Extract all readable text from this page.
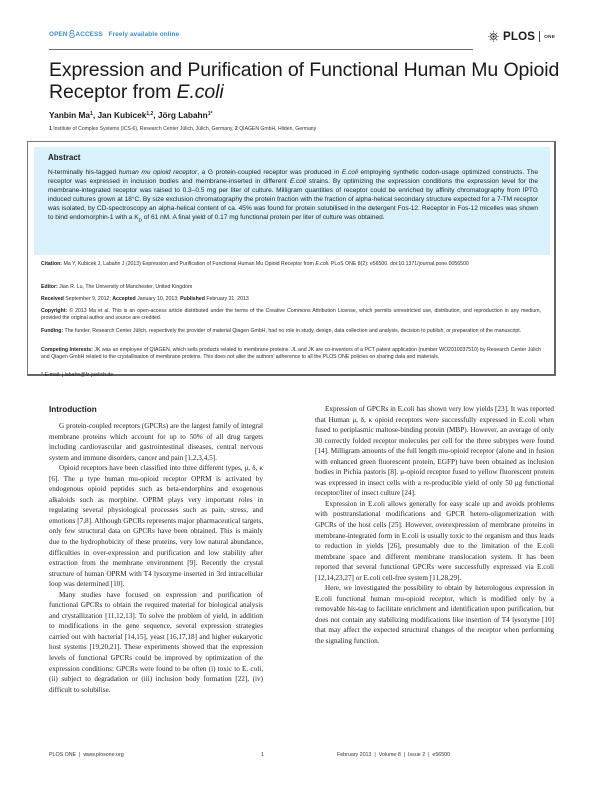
OPEN ACCESS Freely available online	PLOS ONE
Expression and Purification of Functional Human Mu Opioid Receptor from E.coli
Yanbin Ma$^1$, Jan Kubicek$^{1,2}$, Jörg Labahn$^{1*}$
1 Institute of Complex Systems (ICS-6), Research Center Jülich, Jülich, Germany, 2 QIAGEN GmbH, Hilden, Germany
Abstract

N-terminally his-tagged human mu opioid receptor, a G protein-coupled receptor was produced in E.coli employing synthetic codon-usage optimized constructs. The receptor was expressed in inclusion bodies and membrane-inserted in different E.coli strains. By optimizing the expression conditions the expression level for the membrane-integrated receptor was raised to 0.3–0.5 mg per liter of culture. Milligram quantities of receptor could be enriched by affinity chromatography from IPTG induced cultures grown at 18°C. By size exclusion chromatography the protein fraction with the fraction of alpha-helical secondary structure expected for a 7-TM receptor was isolated, by CD-spectroscopy an alpha-helical content of ca. 45% was found for protein solubilised in the detergent Fos-12. Receptor in Fos-12 micelles was shown to bind endomorphin-1 with a $K_D$ of 61 nM. A final yield of 0.17 mg functional protein per liter of culture was obtained.

Citation: Ma Y, Kubicek J, Labahn J (2013) Expression and Purification of Functional Human Mu Opioid Receptor from E.coli. PLoS ONE 8(2): e56500. doi:10.1371/journal.pone.0056500
Editor: Jian R. Lu, The University of Manchester, United Kingdom
Received September 9, 2012; Accepted January 10, 2013; Published February 21, 2013
Copyright: © 2013 Ma et al. This is an open-access article distributed under the terms of the Creative Commons Attribution License, which permits unrestricted use, distribution, and reproduction in any medium, provided the original author and source are credited.
Funding: The funder, Research Center Jülich, respectively the provider of material Qiagen GmbH, had no role in study, design, data collection and analysis, decision to publish, or preparation of the manuscript.
Competing Interests: JK was an employee of QIAGEN, which sells products related to membrane proteins. JL and JK are co-inventors of a PCT patent application (number WO2010037510) by Research Center Jülich and Qiagen GmbH related to the crystallisation of membrane proteins. This does not alter the authors' adherence to all the PLOS ONE policies on sharing data and materials.
* E-mail: j.labahn@fz-juelich.de
Introduction

G protein-coupled receptors (GPCRs) are the largest family of integral membrane proteins which account for up to 50% of all drug targets including cardiovascular and gastrointestinal diseases, central nervous system and immune disorders, cancer and pain [1,2,3,4,5].

Opioid receptors have been classified into three different types, μ, δ, κ [6]. The μ type human mu-opioid receptor OPRM is activated by endogenous opioid peptides such as beta-endorphins and exogenous alkaloids such as morphine. OPRM plays very important roles in regulating several physiological processes such as pain, stress, and emotions [7,8]. Although GPCRs represents major pharmaceutical targets, only few structural data on GPCRs have been obtained. This is mainly due to the hydrophobicity of these proteins, very low natural abundance, difficulties in over-expression and purification and low stability after extraction from the membrane environment [9]. Recently the crystal structure of human OPRM with T4 lysozyme inserted in 3rd intracellular loop was determined [10].

Many studies have focused on expression and purification of functional GPCRs to obtain the required material for biological analysis and crystallization [11,12,13]. To solve the problem of yield, in addition to modifications in the gene sequence, several expression strategies carried out with bacterial [14,15], yeast [16,17,18] and higher eukaryotic host systems [19,20,21]. These experiments showed that the expression levels of functional GPCRs could be improved by optimization of the expression conditions: GPCRs were found to be often (i) toxic to E. coli, (ii) subject to degradation or (iii) inclusion body formation [22], (iv) difficult to solubilise.

Expression of GPCRs in E.coli has shown very low yields [23]. It was reported that Human μ, δ, κ opioid receptors were successfully expressed in E.coli when fused to periplasmic maltose-binding protein (MBP). However, an average of only 30 correctly folded receptor molecules per cell for the three subtypes were found [14]. Milligram amounts of the full length mu-opioid receptor (alone and in fusion with enhanced green fluorescent protein, EGFP) have been obtained as inclusion bodies in Pichia pastoris [8]. μ-opioid receptor fused to yellow fluorescent protein was expressed in insect cells with a re-producible yield of only 50 μg functional receptor/liter of insect culture [24].

Expression in E.coli allows generally for easy scale up and avoids problems with posttranslational modifications and GPCR hetero-oligomerization with GPCRs of the host cells [25]. However, overexpression of membrane proteins in membrane-integrated form in E.coli is usually toxic to the organism and thus leads to reduction in yields [26], presumably due to the limitation of the E.coli membrane space and different membrane translocation system. It has been reported that several functional GPCRs were successfully expressed via E.coli [12,14,23,27] or E.coli cell-free system [11,28,29].

Here, we investigated the possibility to obtain by heterologous expression in E.coli functional human mu-opioid receptor, which is modified only by a removable his-tag to facilitate enrichment and identification upon purification, but does not contain any stabilizing modifications like insertion of T4 lysozyme [10] that may affect the expected structural changes of the receptor when performing the signaling function.

PLOS ONE  |  www.plosone.org	1	February 2013  |  Volume 8  |  Issue 2  |  e56500
